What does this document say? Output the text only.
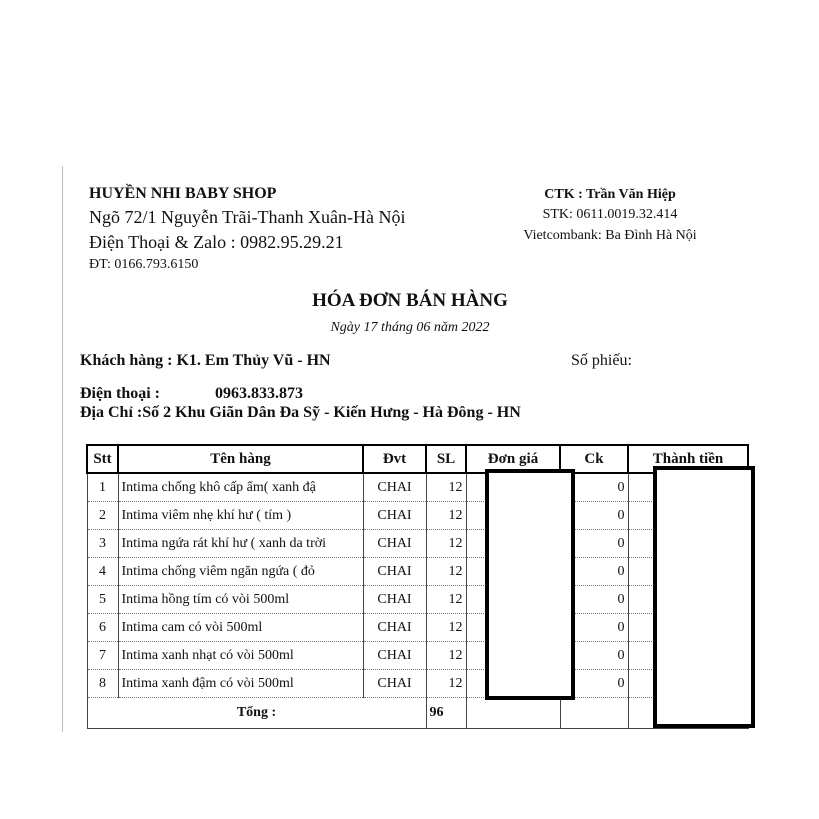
HUYỀN NHI BABY SHOP
Ngõ 72/1 Nguyễn Trãi-Thanh Xuân-Hà Nội
Điện Thoại & Zalo : 0982.95.29.21
ĐT: 0166.793.6150
CTK : Trần Văn Hiệp
STK: 0611.0019.32.414
Vietcombank: Ba Đình Hà Nội
HÓA ĐƠN BÁN HÀNG
Ngày 17 tháng 06 năm 2022
Khách hàng : K1. Em Thủy Vũ - HN	Số phiếu:
Điện thoại :	0963.833.873
Địa Chỉ :Số 2 Khu Giãn Dân Đa Sỹ - Kiến Hưng - Hà Đông - HN
Stt	Tên hàng	Đvt	SL	Đơn giá	Ck	Thành tiền
1	Intima chống khô cấp ẩm( xanh đậ	CHAI	12		0	
2	Intima viêm nhẹ khí hư ( tím )	CHAI	12		0	
3	Intima ngứa rát khí hư ( xanh da trời	CHAI	12		0	
4	Intima chống viêm ngăn ngứa ( đỏ	CHAI	12		0	
5	Intima hồng tím có vòi 500ml	CHAI	12		0	
6	Intima cam có vòi 500ml	CHAI	12		0	
7	Intima xanh nhạt có vòi 500ml	CHAI	12		0	
8	Intima xanh đậm có vòi 500ml	CHAI	12		0	
Tổng :			96			
